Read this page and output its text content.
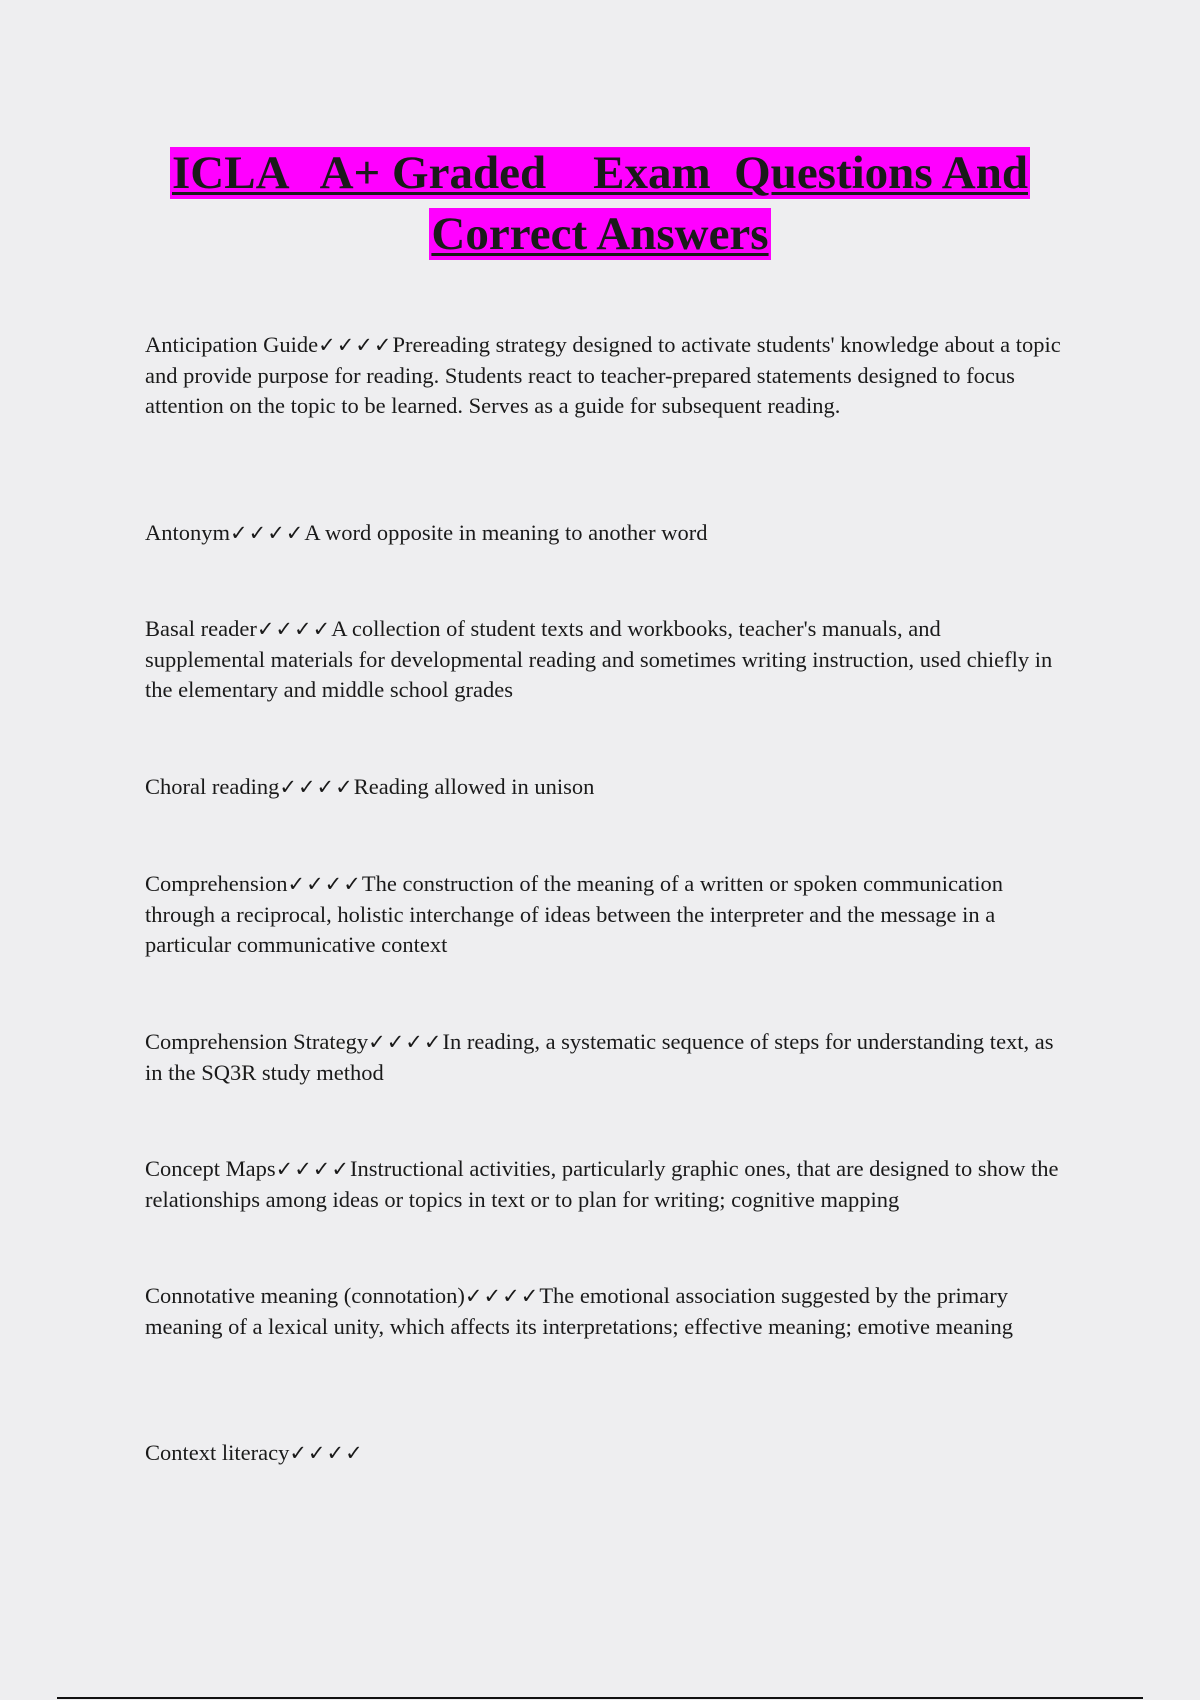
ICLA   A+ Graded    Exam  Questions And
Correct Answers

Anticipation Guide✓✓✓✓Prereading strategy designed to activate students' knowledge about a topic and provide purpose for reading. Students react to teacher-prepared statements designed to focus attention on the topic to be learned. Serves as a guide for subsequent reading.

Antonym✓✓✓✓A word opposite in meaning to another word

Basal reader✓✓✓✓A collection of student texts and workbooks, teacher's manuals, and supplemental materials for developmental reading and sometimes writing instruction, used chiefly in the elementary and middle school grades

Choral reading✓✓✓✓Reading allowed in unison

Comprehension✓✓✓✓The construction of the meaning of a written or spoken communication through a reciprocal, holistic interchange of ideas between the interpreter and the message in a particular communicative context

Comprehension Strategy✓✓✓✓In reading, a systematic sequence of steps for understanding text, as in the SQ3R study method

Concept Maps✓✓✓✓Instructional activities, particularly graphic ones, that are designed to show the relationships among ideas or topics in text or to plan for writing; cognitive mapping

Connotative meaning (connotation)✓✓✓✓The emotional association suggested by the primary meaning of a lexical unity, which affects its interpretations; effective meaning; emotive meaning

Context literacy✓✓✓✓
